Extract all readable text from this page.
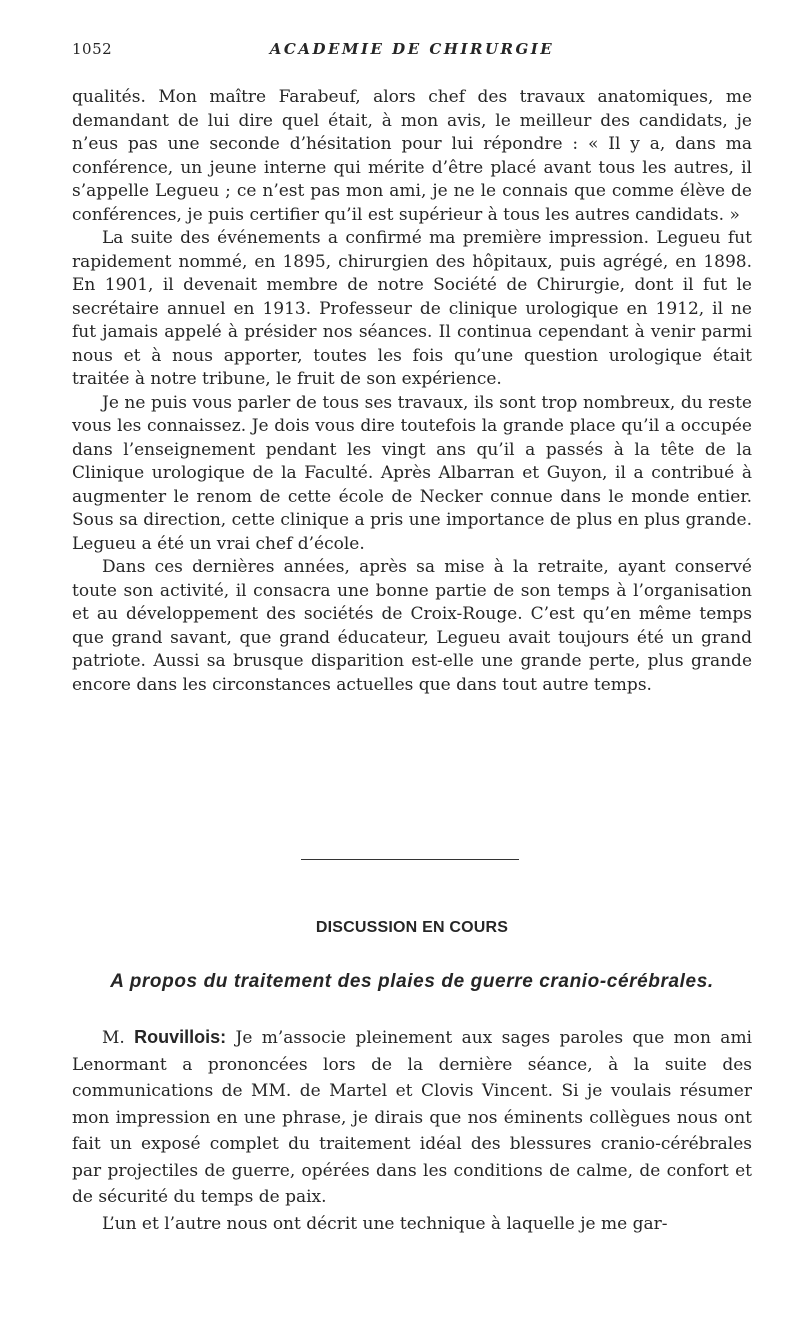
1052	ACADEMIE DE CHIRURGIE

qualités. Mon maître Farabeuf, alors chef des travaux anatomiques, me demandant de lui dire quel était, à mon avis, le meilleur des candidats, je n’eus pas une seconde d’hésitation pour lui répondre : « Il y a, dans ma conférence, un jeune interne qui mérite d’être placé avant tous les autres, il s’appelle Legueu ; ce n’est pas mon ami, je ne le connais que comme élève de conférences, je puis certifier qu’il est supérieur à tous les autres candidats. »

La suite des événements a confirmé ma première impression. Legueu fut rapidement nommé, en 1895, chirurgien des hôpitaux, puis agrégé, en 1898. En 1901, il devenait membre de notre Société de Chirurgie, dont il fut le secrétaire annuel en 1913. Professeur de clinique urologique en 1912, il ne fut jamais appelé à présider nos séances. Il continua cependant à venir parmi nous et à nous apporter, toutes les fois qu’une question urologique était traitée à notre tribune, le fruit de son expérience.

Je ne puis vous parler de tous ses travaux, ils sont trop nombreux, du reste vous les connaissez. Je dois vous dire toutefois la grande place qu’il a occupée dans l’enseignement pendant les vingt ans qu’il a passés à la tête de la Clinique urologique de la Faculté. Après Albarran et Guyon, il a contribué à augmenter le renom de cette école de Necker connue dans le monde entier. Sous sa direction, cette clinique a pris une importance de plus en plus grande. Legueu a été un vrai chef d’école.

Dans ces dernières années, après sa mise à la retraite, ayant conservé toute son activité, il consacra une bonne partie de son temps à l’organisation et au développement des sociétés de Croix-Rouge. C’est qu’en même temps que grand savant, que grand éducateur, Legueu avait toujours été un grand patriote. Aussi sa brusque disparition est-elle une grande perte, plus grande encore dans les circonstances actuelles que dans tout autre temps.

DISCUSSION EN COURS
A propos du traitement des plaies de guerre cranio-cérébrales.

M. Rouvillois: Je m’associe pleinement aux sages paroles que mon ami Lenormant a prononcées lors de la dernière séance, à la suite des communications de MM. de Martel et Clovis Vincent. Si je voulais résumer mon impression en une phrase, je dirais que nos éminents collègues nous ont fait un exposé complet du traitement idéal des blessures cranio-cérébrales par projectiles de guerre, opérées dans les conditions de calme, de confort et de sécurité du temps de paix.

L’un et l’autre nous ont décrit une technique à laquelle je me gar-
